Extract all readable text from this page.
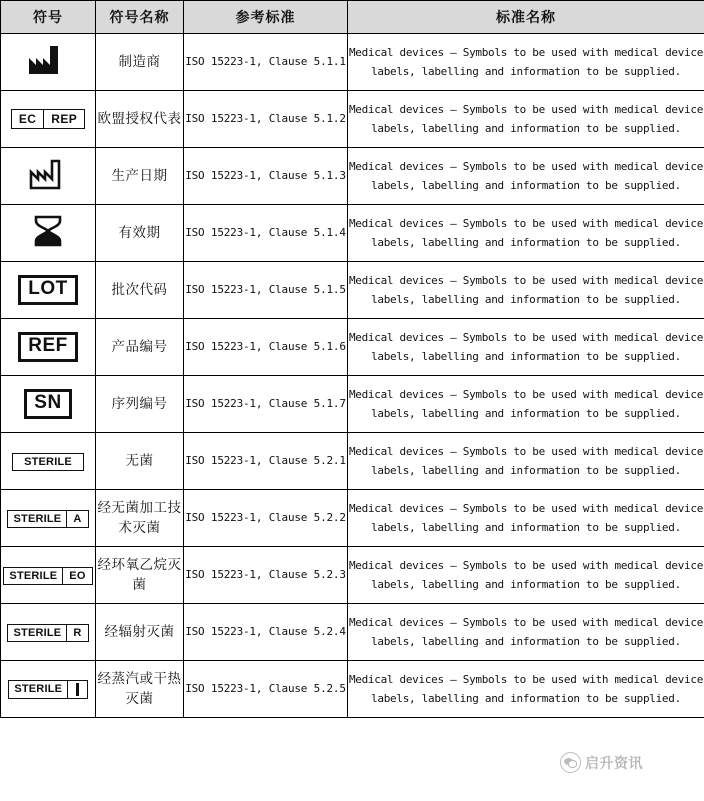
符号	符号名称	参考标准	标准名称

	制造商	ISO 15223-1, Clause 5.1.1	Medical devices — Symbols to be used with medical device labels, labelling and information to be supplied.

EC REP	欧盟授权代表	ISO 15223-1, Clause 5.1.2	Medical devices — Symbols to be used with medical device labels, labelling and information to be supplied.

	生产日期	ISO 15223-1, Clause 5.1.3	Medical devices — Symbols to be used with medical device labels, labelling and information to be supplied.

	有效期	ISO 15223-1, Clause 5.1.4	Medical devices — Symbols to be used with medical device labels, labelling and information to be supplied.
LOT	批次代码	ISO 15223-1, Clause 5.1.5	Medical devices — Symbols to be used with medical device labels, labelling and information to be supplied.
REF	产品编号	ISO 15223-1, Clause 5.1.6	Medical devices — Symbols to be used with medical device labels, labelling and information to be supplied.
SN	序列编号	ISO 15223-1, Clause 5.1.7	Medical devices — Symbols to be used with medical device labels, labelling and information to be supplied.

STERILE	无菌	ISO 15223-1, Clause 5.2.1	Medical devices — Symbols to be used with medical device labels, labelling and information to be supplied.

STERILE A	经无菌加工技术灭菌	ISO 15223-1, Clause 5.2.2	Medical devices — Symbols to be used with medical device labels, labelling and information to be supplied.

STERILE EO	经环氧乙烷灭菌	ISO 15223-1, Clause 5.2.3	Medical devices — Symbols to be used with medical device labels, labelling and information to be supplied.

STERILE R	经辐射灭菌	ISO 15223-1, Clause 5.2.4	Medical devices — Symbols to be used with medical device labels, labelling and information to be supplied.

STERILE	经蒸汽或干热灭菌	ISO 15223-1, Clause 5.2.5	Medical devices — Symbols to be used with medical device labels, labelling and information to be supplied.
启升资讯
